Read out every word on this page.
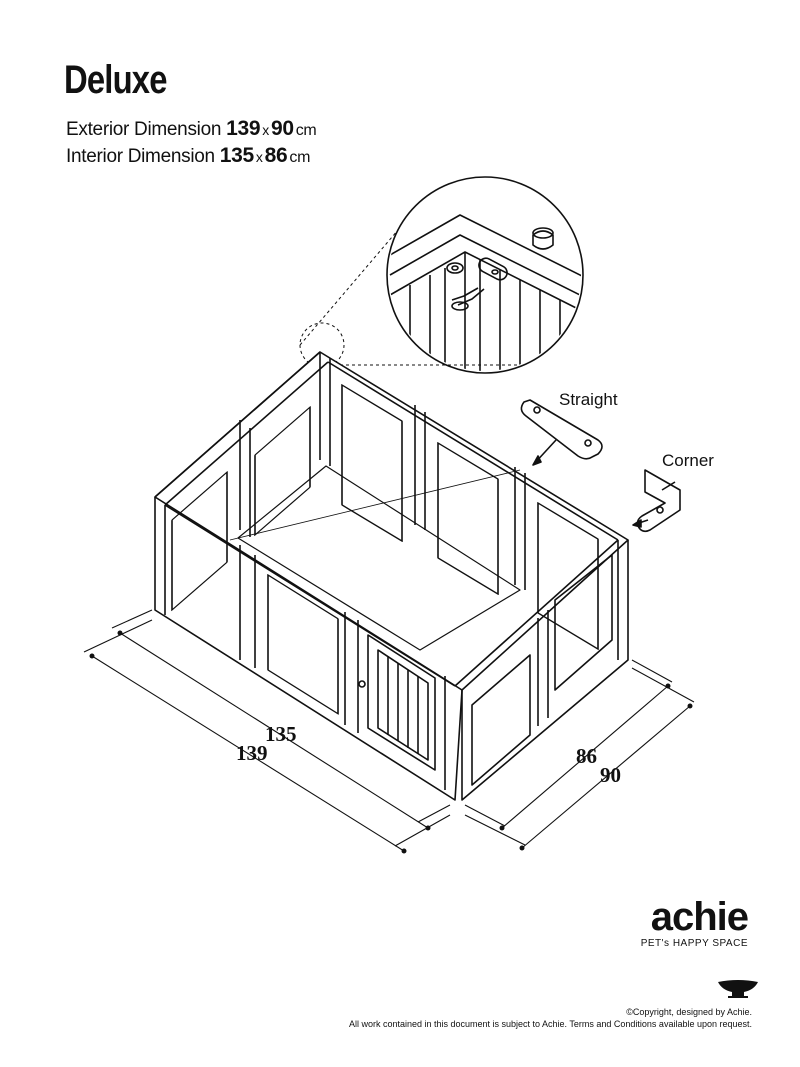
Deluxe
Exterior Dimension 139 x90 cm
Interior Dimension 135 x86 cm
Straight
Corner
135
139	86
90
achie
PET's HAPPY SPACE
©Copyright, designed by Achie.
All work contained in this document is subject to Achie. Terms and Conditions available upon request.
